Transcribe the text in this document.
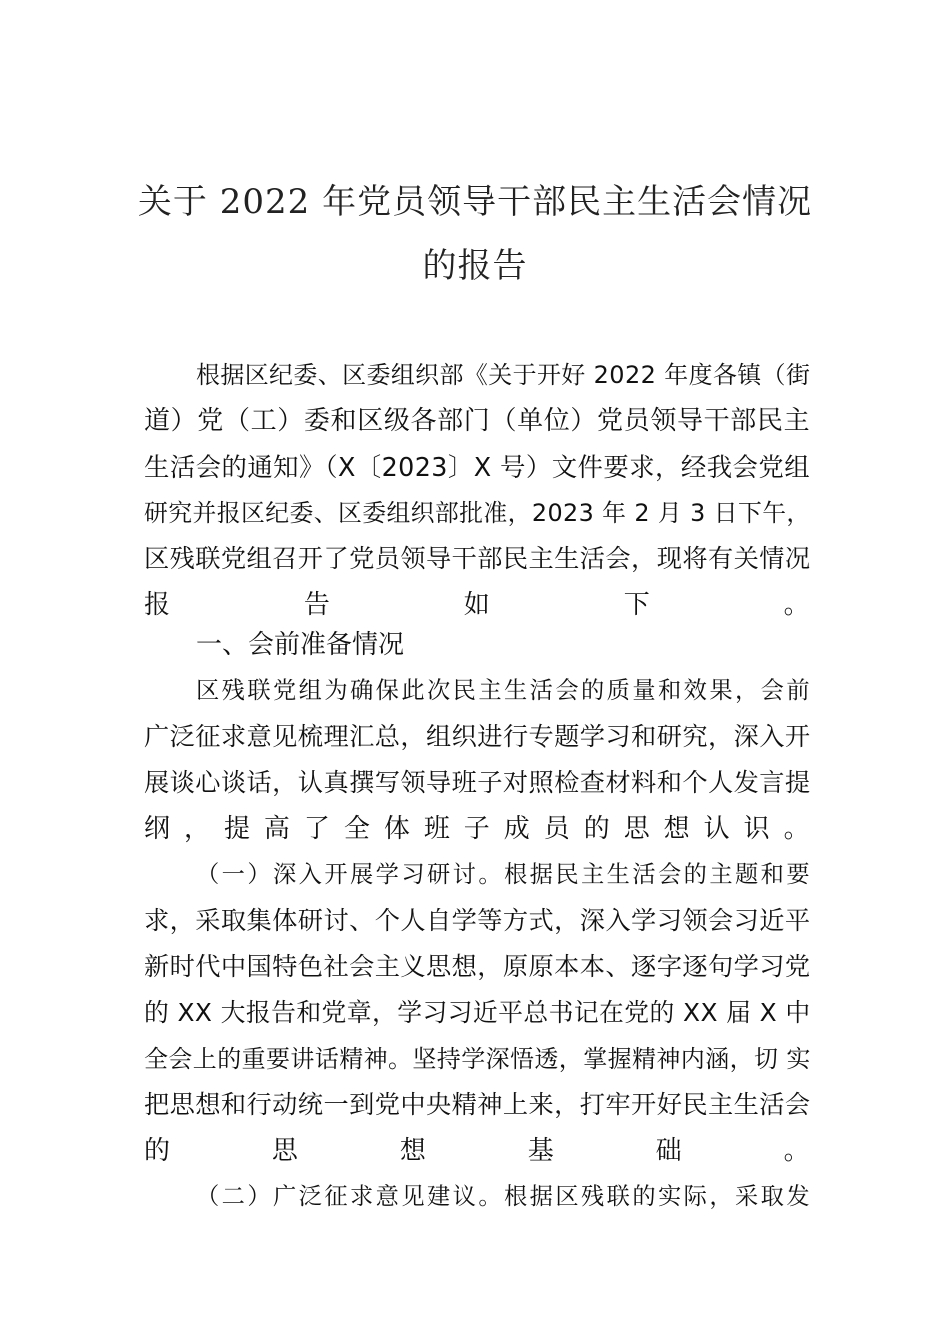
关于 2022 年党员领导干部民主生活会情况
的报告
根据区纪委、区委组织部《关于开好 2022 年度各镇（街
道）党（工）委和区级各部门（单位）党员领导干部民主
生活会的通知》（X〔2023〕X 号）文件要求，经我会党组
研究并报区纪委、区委组织部批准，2023 年 2 月 3 日下午，
区残联党组召开了党员领导干部民主生活会，现将有关情况
报告如下。
一、会前准备情况
区残联党组为确保此次民主生活会的质量和效果，会前
广泛征求意见梳理汇总，组织进行专题学习和研究，深入开
展谈心谈话，认真撰写领导班子对照检查材料和个人发言提
纲，提高了全体班子成员的思想认识。
（一）深入开展学习研讨。根据民主生活会的主题和要
求，采取集体研讨、个人自学等方式，深入学习领会习近平
新时代中国特色社会主义思想，原原本本、逐字逐句学习党
的 XX 大报告和党章，学习习近平总书记在党的 XX 届 X 中
全会上的重要讲话精神。坚持学深悟透，掌握精神内涵，切 实
把思想和行动统一到党中央精神上来，打牢开好民主生活会
的思想基础。
（二）广泛征求意见建议。根据区残联的实际，采取发
